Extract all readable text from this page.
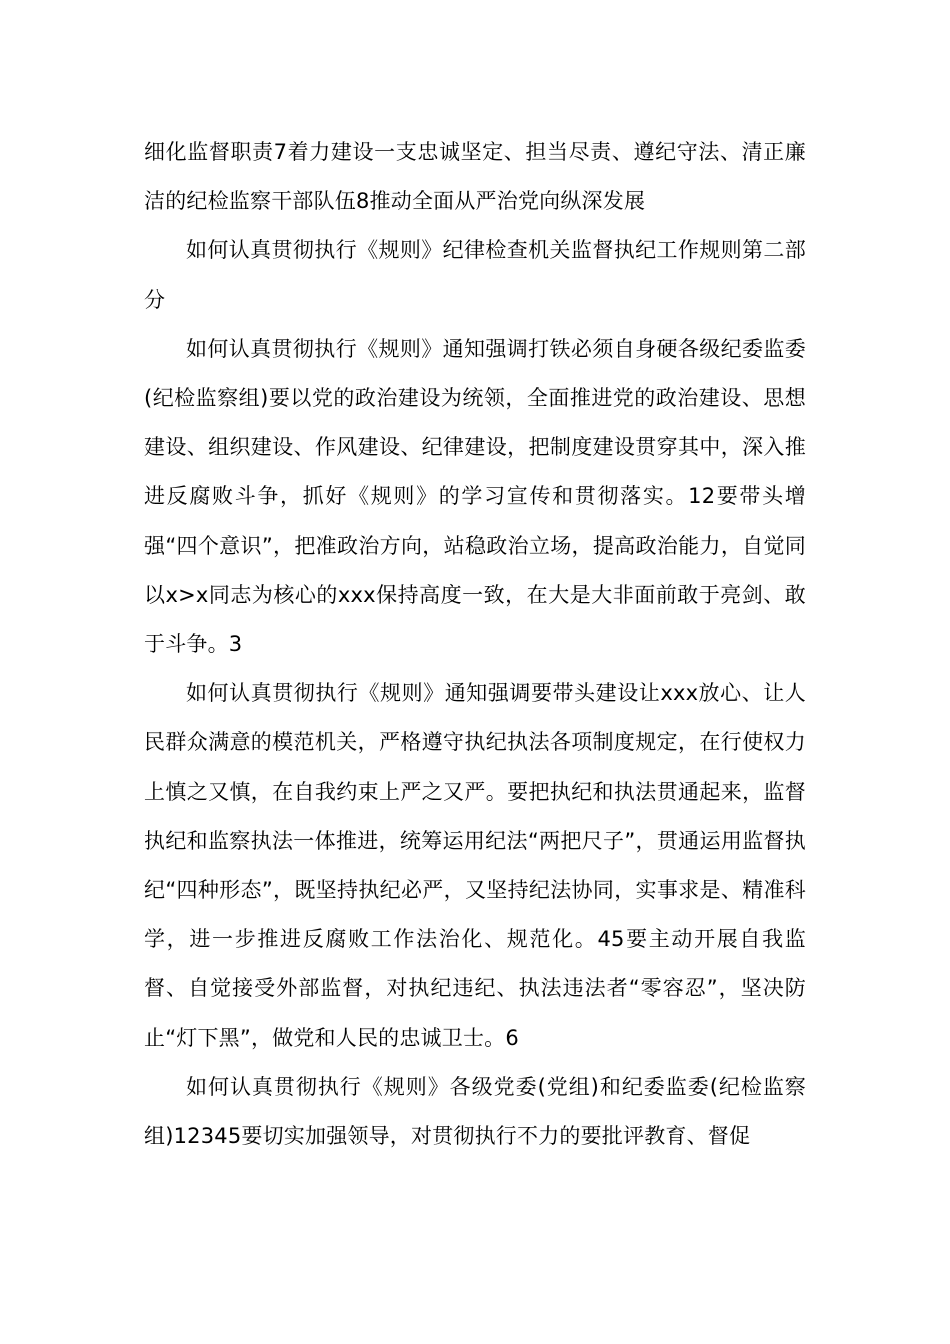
细化监督职责7着力建设一支忠诚坚定、担当尽责、遵纪守法、清正廉洁的纪检监察干部队伍8推动全面从严治党向纵深发展

如何认真贯彻执行《规则》纪律检查机关监督执纪工作规则第二部分

如何认真贯彻执行《规则》通知强调打铁必须自身硬各级纪委监委(纪检监察组)要以党的政治建设为统领，全面推进党的政治建设、思想建设、组织建设、作风建设、纪律建设，把制度建设贯穿其中，深入推进反腐败斗争，抓好《规则》的学习宣传和贯彻落实。12要带头增强“四个意识”，把准政治方向，站稳政治立场，提高政治能力，自觉同以x>x同志为核心的xxx保持高度一致，在大是大非面前敢于亮剑、敢于斗争。3

如何认真贯彻执行《规则》通知强调要带头建设让xxx放心、让人民群众满意的模范机关，严格遵守执纪执法各项制度规定，在行使权力上慎之又慎，在自我约束上严之又严。要把执纪和执法贯通起来，监督执纪和监察执法一体推进，统筹运用纪法“两把尺子”，贯通运用监督执纪“四种形态”，既坚持执纪必严，又坚持纪法协同，实事求是、精准科学，进一步推进反腐败工作法治化、规范化。45要主动开展自我监督、自觉接受外部监督，对执纪违纪、执法违法者“零容忍”，坚决防止“灯下黑”，做党和人民的忠诚卫士。6

如何认真贯彻执行《规则》各级党委(党组)和纪委监委(纪检监察组)12345要切实加强领导，对贯彻执行不力的要批评教育、督促
